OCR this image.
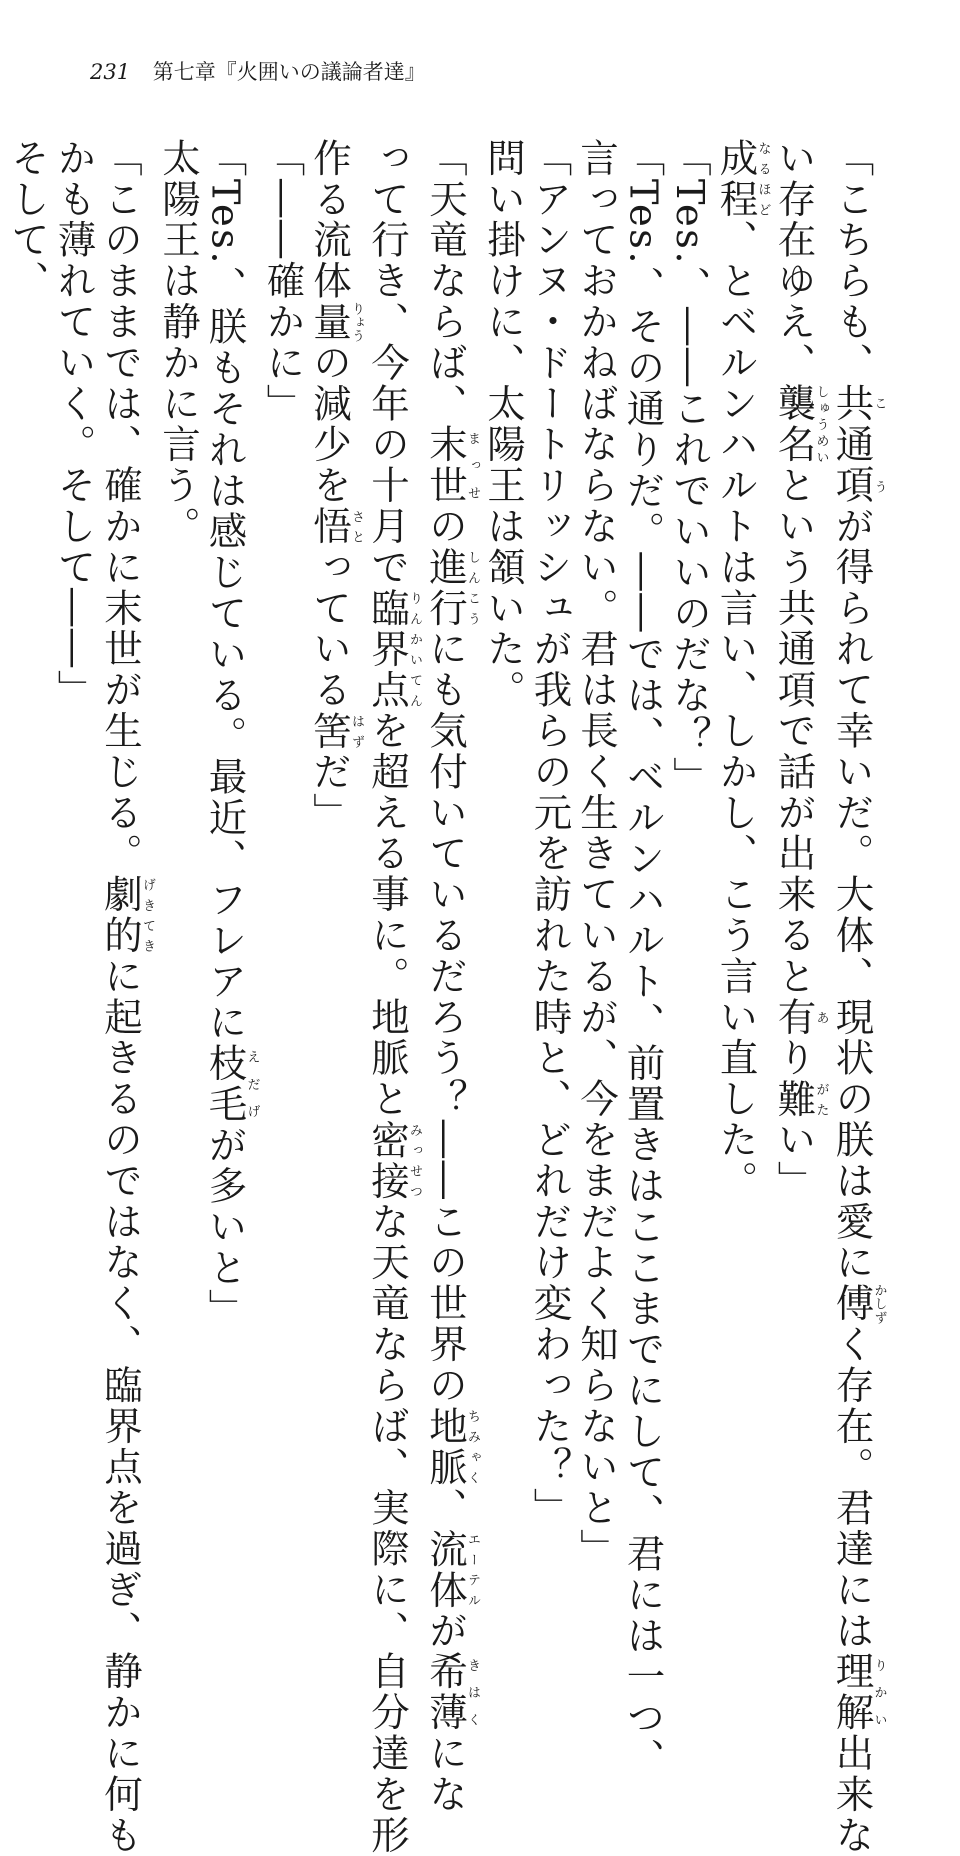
231 第七章『火囲いの議論者達』
「こちらも、共通項こうが得られて幸いだ。大体、現状の朕は愛に傅かしずく存在。君達には理解りかい出来な
い存在ゆえ、襲名しゅうめいという共通項で話が出来ると有あり難がたい」
成程なるほど、とベルンハルトは言い、しかし、こう言い直した。
「Tes.、――これでいいのだな？」
「Tes.、その通りだ。――では、ベルンハルト、前置きはここまでにして、君には一つ、
言っておかねばならない。君は長く生きているが、今をまだよく知らないと」
「アンヌ・ドートリッシュが我らの元を訪れた時と、どれだけ変わった？」
問い掛けに、太陽王は頷いた。
「天竜ならば、末世まっせの進行しんこうにも気付いているだろう？――この世界の地脈ちみゃく、流体エーテルが希薄きはくにな
って行き、今年の十月で臨界点りんかいてんを超える事に。地脈と密接みっせつな天竜ならば、実際に、自分達を形
作る流体量りょうの減少を悟さとっている筈はずだ」
「――確かに」
「Tes.、朕もそれは感じている。最近、フレアに枝毛えだげが多いと」
太陽王は静かに言う。
「このままでは、確かに末世が生じる。劇的げきてきに起きるのではなく、臨界点を過ぎ、静かに何も
かも薄れていく。そして――」
そして、
